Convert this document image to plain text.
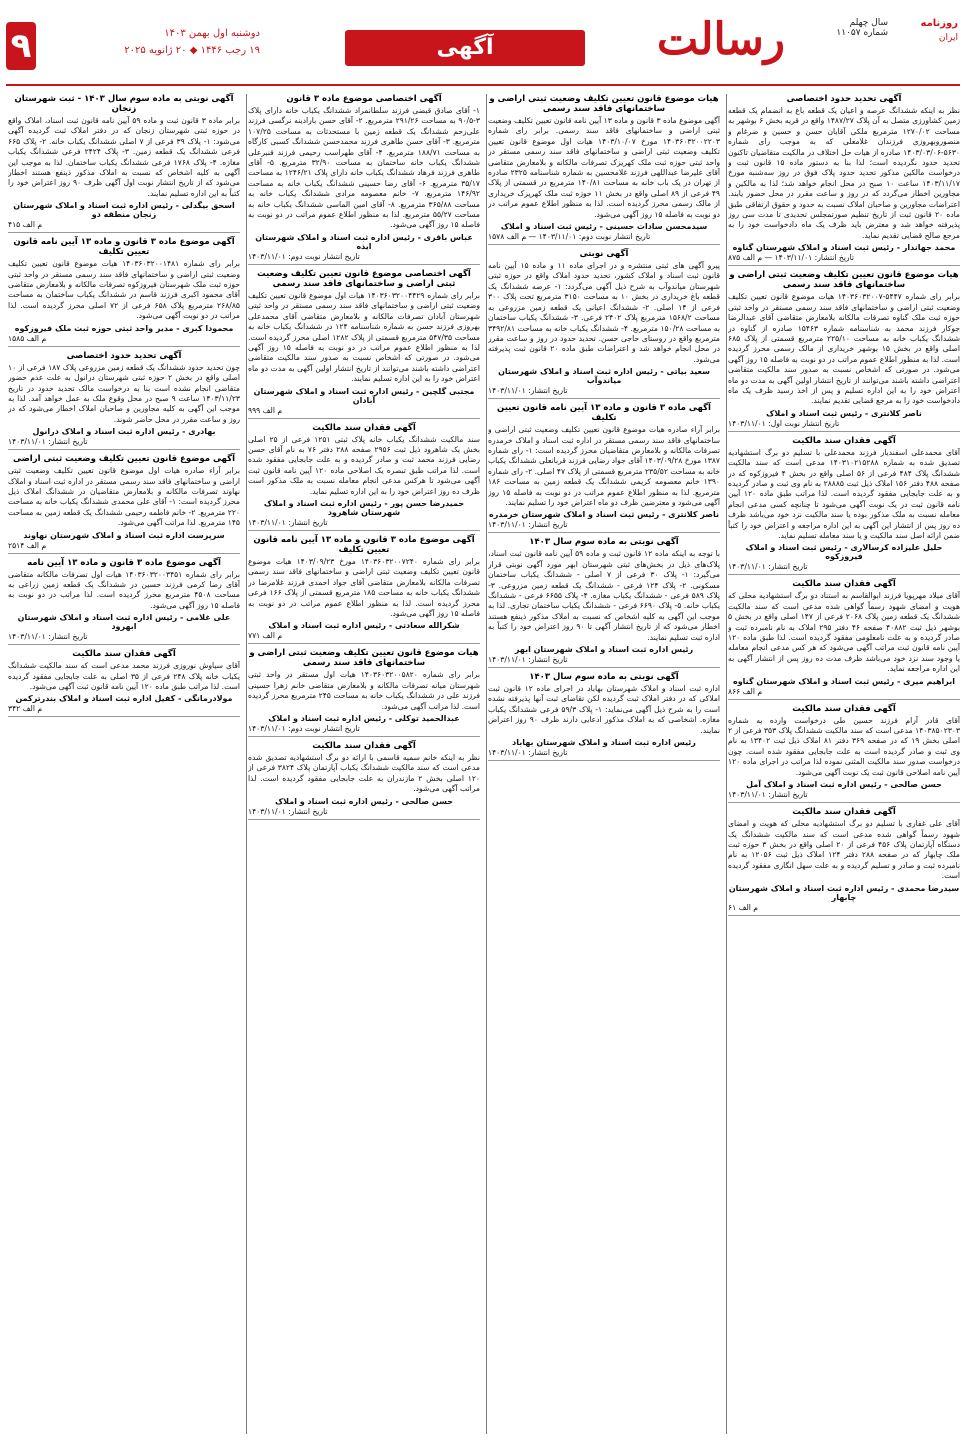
روزنامه
ایران
سال چهلم
شماره ۱۱۰۵۷
رسالت
آگهی
دوشنبه اول بهمن ۱۴۰۳
۱۹ رجب ۱۴۴۶ ◆ ۲۰ ژانویه ۲۰۲۵
۹
آگهی تحدید حدود اختصاصی
نظر به اینکه ششدانگ عرصه و اعیان یک قطعه باغ به انضمام یک قطعه زمین کشاورزی متصل به آن پلاک ۱۴۸۷/۲۷ واقع در قریه بخش ۶ بوشهر به مساحت ۱۲۷۰/۰۲ مترمربع ملکی آقایان حسن و حسین و ضرغام و منصوروبهروزی فرزندان غلامعلی که به موجب رای شماره ۵۶۳۰-۱۴۰۳/۰۳/۰۶ صادره از هیات حل اختلاف در مالکیت متقاضیان تاکنون تحدید حدود نگردیده است؛ لذا بنا به دستور ماده ۱۵ قانون ثبت و درخواست مالکین مذکور تحدید حدود پلاک فوق در روز سه‌شنبه مورخ ۱۴۰۳/۱۱/۱۷ ساعت ۱۰ صبح در محل انجام خواهد شد؛ لذا به مالکین و مجاورین اخطار می‌گردد که در روز و ساعت مقرر در محل حضور یابند. اعتراضات مجاورین و صاحبان املاک نسبت به حدود و حقوق ارتفاقی طبق ماده ۲۰ قانون ثبت از تاریخ تنظیم صورتمجلس تحدیدی تا مدت سی روز پذیرفته خواهد شد و معترض باید ظرف یک ماه دادخواست خود را به مرجع صالح قضایی تقدیم نماید.
محمد جهاندار - رئیس ثبت اسناد و املاک شهرستان گناوه
تاریخ انتشار: ۱۴۰۳/۱۱/۰۱ — م الف ۸۷۵
هیات موضوع قانون تعیین تکلیف وضعیت ثبتی اراضی و ساختمانهای فاقد سند رسمی
برابر رای شماره ۵۴۴۷-۱۴۰۳۶۰۳۲۰۰۷ هیات موضوع قانون تعیین تکلیف وضعیت ثبتی اراضی و ساختمانهای فاقد سند رسمی مستقر در واحد ثبتی حوزه ثبت ملک گناوه تصرفات مالکانه بلامعارض متقاضی آقای عبدالرضا جوکار فرزند محمد به شناسنامه شماره ۱۵۴۶۳ صادره از گناوه در ششدانگ یکباب خانه به مساحت ۲۲۵/۱۰ مترمربع قسمتی از پلاک ۶۸۵ اصلی واقع در بخش ۱۵ بوشهر خریداری از مالک رسمی محرز گردیده است. لذا به منظور اطلاع عموم مراتب در دو نوبت به فاصله ۱۵ روز آگهی می‌شود. در صورتی که اشخاص نسبت به صدور سند مالکیت متقاضی اعتراضی داشته باشند می‌توانند از تاریخ انتشار اولین آگهی به مدت دو ماه اعتراض خود را به این اداره تسلیم و پس از اخذ رسید ظرف یک ماه دادخواست خود را به مرجع قضایی تقدیم نمایند.
ناصر کلانتری - رئیس ثبت اسناد و املاک
تاریخ انتشار نوبت اول: ۱۴۰۳/۱۱/۰۱
آگهی فقدان سند مالکیت
آقای محمدعلی اسفندیار فرزند محمدعلی با تسلیم دو برگ استشهادیه تصدیق شده به شماره ۱۴۰۳۱۰۲۱۵۲۸۸ مدعی است که سند مالکیت ششدانگ پلاک ۴۸۴ فرعی از ۵۶ اصلی واقع در بخش ۴ فیروزکوه که در صفحه ۴۸۸ دفتر ۱۵۶ املاک ذیل ثبت ۲۸۸۸۵ به نام وی ثبت و صادر گردیده و به علت جابجایی مفقود گردیده است. لذا مراتب طبق ماده ۱۲۰ آیین نامه قانون ثبت در یک نوبت آگهی می‌شود تا چنانچه کسی مدعی انجام معامله نسبت به ملک مذکور بوده یا سند مالکیت نزد خود می‌باشد ظرف ده روز پس از انتشار این آگهی به این اداره مراجعه و اعتراض خود را کتباً ضمن ارائه اصل سند مالکیت و یا سند معامله تسلیم نماید.
حلیل علیزاده کرسالاری - رئیس ثبت اسناد و املاک فیروزکوه
تاریخ انتشار: ۱۴۰۳/۱۱/۰۱
آگهی فقدان سند مالکیت
آقای میلاد مهرپویا فرزند ابوالقاسم به استناد دو برگ استشهادیه محلی که هویت و امضای شهود رسماً گواهی شده مدعی است که سند مالکیت ششدانگ یک قطعه زمین پلاک ۲۰۶۸ فرعی از ۱۴۷ اصلی واقع در بخش ۵ بوشهر ذیل ثبت ۴۰۸۸۲ صفحه ۴۶ دفتر ۲۹۵ املاک به نام نامبرده ثبت و صادر گردیده و به علت نامعلومی مفقود گردیده است. لذا طبق ماده ۱۲۰ آیین نامه قانون ثبت مراتب آگهی می‌شود که هر کس مدعی انجام معامله یا وجود سند نزد خود می‌باشد ظرف مدت ده روز پس از انتشار آگهی به این اداره مراجعه نماید.
ابراهیم میری - رئیس ثبت اسناد و املاک شهرستان گناوه
م الف ۸۶۶
آگهی فقدان سند مالکیت
آقای قادر آرام فرزند حسین طی درخواست وارده به شماره ۱۴۰۳۸۵۰۲۳۰۳ مدعی است که سند مالکیت ششدانگ پلاک ۳۵۳ فرعی از ۲ اصلی بخش ۱۹ که در صفحه ۳۶۹ دفتر ۸۱ املاک ذیل ثبت ۱۳۴۰۲ به نام وی ثبت و صادر گردیده است به علت جابجایی مفقود شده است. چون درخواست صدور سند مالکیت المثنی نموده لذا مراتب در اجرای ماده ۱۲۰ آیین نامه اصلاحی قانون ثبت یک نوبت آگهی می‌شود.
حسن صالحی - رئیس اداره ثبت اسناد و املاک آمل
تاریخ انتشار: ۱۴۰۳/۱۱/۰۱
آگهی فقدان سند مالکیت
آقای علی غفاری با تسلیم دو برگ استشهادیه محلی که هویت و امضای شهود رسماً گواهی شده مدعی است که سند مالکیت ششدانگ یک دستگاه آپارتمان پلاک ۴۵۶ فرعی از ۲۰ اصلی واقع در بخش ۳ حوزه ثبت ملک چابهار که در صفحه ۲۸۸ دفتر ۱۲۴ املاک ذیل ثبت ۱۲۰۵۶ به نام نامبرده ثبت و صادر و تسلیم گردیده و به علت سهل انگاری مفقود گردیده است.
سیدرضا محمدی - رئیس اداره ثبت اسناد و املاک شهرستان چابهار
م الف ۶۱
هیات موضوع قانون تعیین تکلیف وضعیت ثبتی اراضی و ساختمانهای فاقد سند رسمی
آگهی موضوع ماده ۳ قانون و ماده ۱۳ آیین نامه قانون تعیین تکلیف وضعیت ثبتی اراضی و ساختمانهای فاقد سند رسمی. برابر رای شماره ۱۴۰۳۶۰۳۲۰۰۲۲۰۳ مورخ ۱۴۰۳/۱۰/۰۷ هیات اول موضوع قانون تعیین تکلیف وضعیت ثبتی اراضی و ساختمانهای فاقد سند رسمی مستقر در واحد ثبتی حوزه ثبت ملک کهریزک تصرفات مالکانه و بلامعارض متقاضی آقای علیرضا عبداللهی فرزند غلامحسین به شماره شناسنامه ۲۳۲۵ صادره از تهران در یک باب خانه به مساحت ۱۴۰/۸۱ مترمربع در قسمتی از پلاک ۴۹ فرعی از ۸۹ اصلی واقع در بخش ۱۱ حوزه ثبت ملک کهریزک خریداری از مالک رسمی محرز گردیده است. لذا به منظور اطلاع عموم مراتب در دو نوبت به فاصله ۱۵ روز آگهی می‌شود.
سیدمحسن سادات حسینی - رئیس ثبت اسناد و املاک
تاریخ انتشار نوبت دوم: ۱۴۰۳/۱۱/۰۱ — م الف ۱۵۷۸
آگهی نوبتی
پیرو آگهی های ثبتی منتشره و در اجرای ماده ۱۱ و ماده ۱۵ آیین نامه قانون ثبت اسناد و املاک کشور، تحدید حدود املاک واقع در حوزه ثبتی شهرستان میاندوآب به شرح ذیل آگهی می‌گردد: ۱- عرصه ششدانگ یک قطعه باغ خریداری در بخش ۱۰ به مساحت ۳۱۵۰ مترمربع تحت پلاک ۳۰۰ فرعی از ۱۴ اصلی. ۲- ششدانگ اعیانی یک قطعه زمین مزروعی به مساحت ۱۵۶۸/۲ مترمربع پلاک ۲۴۰۲ فرعی. ۳- ششدانگ یکباب ساختمان به مساحت ۱۵۰/۲۸ مترمربع. ۴- ششدانگ یکباب خانه به مساحت ۳۴۹۲/۸۱ مترمربع واقع در روستای حاجی حسن. تحدید حدود در روز و ساعت مقرر در محل انجام خواهد شد و اعتراضات طبق ماده ۲۰ قانون ثبت پذیرفته می‌شود.
سعید بیاتی - رئیس اداره ثبت اسناد و املاک شهرستان میاندوآب
تاریخ انتشار: ۱۴۰۳/۱۱/۰۱
آگهی ماده ۳ قانون و ماده ۱۳ آیین نامه قانون تعیین تکلیف
برابر آراء صادره هیات موضوع قانون تعیین تکلیف وضعیت ثبتی اراضی و ساختمانهای فاقد سند رسمی مستقر در اداره ثبت اسناد و املاک خرمدره تصرفات مالکانه و بلامعارض متقاضیان محرز گردیده است: ۱- رای شماره ۱۳۸۷ مورخ ۱۴۰۳/۰۹/۲۸ آقای جواد رضایی فرزند قربانعلی ششدانگ یکباب خانه به مساحت ۲۳۵/۵۲ مترمربع قسمتی از پلاک ۴۷ اصلی. ۲- رای شماره ۱۳۹۰ خانم معصومه کریمی ششدانگ یک قطعه زمین به مساحت ۱۸۶ مترمربع. لذا به منظور اطلاع عموم مراتب در دو نوبت به فاصله ۱۵ روز آگهی می‌شود و معترضین ظرف دو ماه اعتراض خود را تسلیم نمایند.
ناصر کلانتری - رئیس ثبت اسناد و املاک شهرستان خرمدره
تاریخ انتشار: ۱۴۰۳/۱۱/۰۱
آگهی نوبتی به ماده سوم سال ۱۴۰۳
با توجه به اینکه ماده ۱۲ قانون ثبت و ماده ۵۹ آیین نامه قانون ثبت اسناد، پلاک‌های ذیل در بخش‌های ثبتی شهرستان ابهر مورد آگهی نوبتی قرار می‌گیرد: ۱- پلاک ۳۰ فرعی از ۷ اصلی - ششدانگ یکباب ساختمان مسکونی. ۲- پلاک ۱۲۴ فرعی - ششدانگ یک قطعه زمین مزروعی. ۳- پلاک ۵۸۹ فرعی - ششدانگ یکباب مغازه. ۴- پلاک ۶۶۵۵ فرعی - ششدانگ یکباب خانه. ۵- پلاک ۶۶۹۰ فرعی - ششدانگ یکباب ساختمان تجاری. لذا به موجب این آگهی به کلیه اشخاص که نسبت به املاک مذکور ذینفع هستند اخطار می‌شود که از تاریخ انتشار آگهی تا ۹۰ روز اعتراض خود را کتباً به اداره ثبت تسلیم نمایند.
رئیس اداره ثبت اسناد و املاک شهرستان ابهر
تاریخ انتشار: ۱۴۰۳/۱۱/۰۱
آگهی نوبتی به ماده سوم سال ۱۴۰۳
اداره ثبت اسناد و املاک شهرستان بهاباد در اجرای ماده ۱۲ قانون ثبت املاکی که در دفتر املاک ثبت گردیده لکن تقاضای ثبت آنها پذیرفته نشده است را به شرح ذیل آگهی می‌نماید: ۱- پلاک ۵۹/۳ فرعی ششدانگ یکباب مغازه. اشخاصی که به املاک مذکور ادعایی دارند ظرف ۹۰ روز اعتراض نمایند.
رئیس اداره ثبت اسناد و املاک شهرستان بهاباد
تاریخ انتشار: ۱۴۰۳/۱۱/۰۱
آگهی اختصاصی موضوع ماده ۳ قانون
۱- آقای صادق قبضی فرزند سلطانمراد ششدانگ یکباب خانه دارای پلاک ۳-۹۰/۵ به مساحت ۲۹۱/۲۶ مترمربع. ۲- آقای حسن بارادینه نرگسی فرزند علی‌رحم ششدانگ یک قطعه زمین با مستحدثات به مساحت ۱۰۷/۲۵ مترمربع. ۳- آقای حسن طاهری فرزند محمدحسن ششدانگ کسبی کارگاه به مساحت ۱۸۸/۷۱ مترمربع. ۴- آقای طهراسب رحیمی فرزند قنبرعلی ششدانگ یکباب خانه ساختمان به مساحت ۳۲/۹۰ مترمربع. ۵- آقای طاهری فرزند فرهاد ششدانگ یکباب خانه دارای پلاک ۱۲۴۶/۲۱ به مساحت ۳۵/۱۷ مترمربع. ۶- آقای رضا حسینی ششدانگ یکباب خانه به مساحت ۱۴۶/۹۲ مترمربع. ۷- خانم معصومه مرادی ششدانگ یکباب خانه به مساحت ۳۶۵/۸۸ مترمربع. ۸- آقای امین الماسی ششدانگ یکباب خانه به مساحت ۵۵/۲۷ مترمربع. لذا به منظور اطلاع عموم مراتب در دو نوبت به فاصله ۱۵ روز آگهی می‌شود.
عباس باقری - رئیس اداره ثبت اسناد و املاک شهرستان ایذه
تاریخ انتشار نوبت دوم: ۱۴۰۳/۱۱/۰۱
آگهی اختصاصی موضوع قانون تعیین تکلیف وضعیت ثبتی اراضی و ساختمانهای فاقد سند رسمی
برابر رای شماره ۱۴۰۳۶۰۳۲۰۰۴۴۲۹ هیات اول موضوع قانون تعیین تکلیف وضعیت ثبتی اراضی و ساختمانهای فاقد سند رسمی مستقر در واحد ثبتی شهرستان آبادان تصرفات مالکانه و بلامعارض متقاضی آقای محمدعلی بهروزی فرزند حسن به شماره شناسنامه ۱۲۴ در ششدانگ یکباب خانه به مساحت ۵۴۷/۳۵ مترمربع قسمتی از پلاک ۱۲۸۲ اصلی محرز گردیده است. لذا به منظور اطلاع عموم مراتب در دو نوبت به فاصله ۱۵ روز آگهی می‌شود. در صورتی که اشخاص نسبت به صدور سند مالکیت متقاضی اعتراضی داشته باشند می‌توانند از تاریخ انتشار اولین آگهی به مدت دو ماه اعتراض خود را به این اداره تسلیم نمایند.
مجتبی گلچین - رئیس اداره ثبت اسناد و املاک شهرستان آبادان
م الف ۹۹۹
آگهی فقدان سند مالکیت
سند مالکیت ششدانگ یکباب خانه پلاک ثبتی ۱۲۵۱ فرعی از ۲۵ اصلی بخش یک شاهرود ذیل ثبت ۲۹۵۶ صفحه ۲۸۸ دفتر ۷۶ به نام آقای حسن رضایی فرزند محمد ثبت و صادر گردیده و به علت جابجایی مفقود شده است. لذا مراتب طبق تبصره یک اصلاحی ماده ۱۲۰ آیین نامه قانون ثبت آگهی می‌شود تا هرکس مدعی انجام معامله نسبت به ملک مذکور است ظرف ده روز اعتراض خود را به این اداره تسلیم نماید.
حمیدرضا حسن پور - رئیس اداره ثبت اسناد و املاک شهرستان شاهرود
تاریخ انتشار: ۱۴۰۳/۱۱/۰۱
آگهی موضوع ماده ۳ قانون و ماده ۱۳ آیین نامه قانون تعیین تکلیف
برابر رای شماره ۱۴۰۳۶۰۳۲۰۰۷۲۴۰ مورخ ۱۴۰۳/۰۹/۲۳ هیات موضوع قانون تعیین تکلیف وضعیت ثبتی اراضی و ساختمانهای فاقد سند رسمی تصرفات مالکانه بلامعارض متقاضی آقای جواد احمدی فرزند غلامرضا در ششدانگ یکباب خانه به مساحت ۱۸۵ مترمربع قسمتی از پلاک ۱۶۶ فرعی محرز گردیده است. لذا به منظور اطلاع عموم مراتب در دو نوبت به فاصله ۱۵ روز آگهی می‌شود.
شکرالله سعادتی - رئیس اداره ثبت اسناد و املاک
م الف ۷۷۱
هیات موضوع قانون تعیین تکلیف وضعیت ثبتی اراضی و ساختمانهای فاقد سند رسمی
برابر رای شماره ۱۴۰۳۶۰۳۲۰۰۵۸۲۰ هیات اول مستقر در واحد ثبتی شهرستان میانه تصرفات مالکانه و بلامعارض متقاضی خانم زهرا حسینی فرزند علی در ششدانگ یکباب خانه به مساحت ۲۴۵ مترمربع محرز گردیده است. لذا مراتب آگهی می‌شود.
عبدالحمید توکلی - رئیس اداره ثبت اسناد و املاک
تاریخ انتشار نوبت دوم: ۱۴۰۳/۱۱/۰۱
آگهی فقدان سند مالکیت
نظر به اینکه خانم سمیه قاسمی با ارائه دو برگ استشهادیه تصدیق شده مدعی است که سند مالکیت ششدانگ یکباب آپارتمان پلاک ۳۸۲۴ فرعی از ۱۲۰ اصلی بخش ۲ مازندران به علت جابجایی مفقود گردیده است. لذا مراتب آگهی می‌شود.
حسن صالحی - رئیس اداره ثبت اسناد و املاک
تاریخ انتشار: ۱۴۰۳/۱۱/۰۱
آگهی نوبتی به ماده سوم سال ۱۴۰۳ - ثبت شهرستان زنجان
برابر ماده ۳ قانون ثبت و ماده ۵۹ آیین نامه قانون ثبت اسناد، املاک واقع در حوزه ثبتی شهرستان زنجان که در دفتر املاک ثبت گردیده آگهی می‌شود: ۱- پلاک ۳۹ فرعی از ۷ اصلی ششدانگ یکباب خانه. ۲- پلاک ۶۶۵ فرعی ششدانگ یک قطعه زمین. ۳- پلاک ۲۴۲۴ فرعی ششدانگ یکباب مغازه. ۴- پلاک ۱۷۶۸ فرعی ششدانگ یکباب ساختمان. لذا به موجب این آگهی به کلیه اشخاص که نسبت به املاک مذکور ذینفع هستند اخطار می‌شود که از تاریخ انتشار نوبت اول آگهی ظرف ۹۰ روز اعتراض خود را کتباً به این اداره تسلیم نمایند.
اسحق بیگدلی - رئیس اداره ثبت اسناد و املاک شهرستان زنجان منطقه دو
م الف ۴۱۵
آگهی موضوع ماده ۳ قانون و ماده ۱۳ آیین نامه قانون تعیین تکلیف
برابر رای شماره ۱۴۰۳۶۰۳۲۰۰۱۴۸۱ هیات موضوع قانون تعیین تکلیف وضعیت ثبتی اراضی و ساختمانهای فاقد سند رسمی مستقر در واحد ثبتی حوزه ثبت ملک شهرستان فیروزکوه تصرفات مالکانه و بلامعارض متقاضی آقای محمود اکبری فرزند قاسم در ششدانگ یکباب ساختمان به مساحت ۲۶۸/۸۵ مترمربع پلاک ۶۵۸ فرعی از ۷۲ اصلی محرز گردیده است. لذا مراتب در دو نوبت آگهی می‌شود.
محمودا کبری - مدیر واحد ثبتی حوزه ثبت ملک فیروزکوه
م الف ۱۵۸۵
آگهی تحدید حدود اختصاصی
چون تحدید حدود ششدانگ یک قطعه زمین مزروعی پلاک ۱۸۷ فرعی از ۱۰ اصلی واقع در بخش ۲ حوزه ثبتی شهرستان درانول به علت عدم حضور متقاضی انجام نشده است بنا به درخواست مالک تحدید حدود در تاریخ ۱۴۰۳/۱۱/۲۳ ساعت ۹ صبح در محل وقوع ملک به عمل خواهد آمد. لذا به موجب این آگهی به کلیه مجاورین و صاحبان املاک اخطار می‌شود که در روز و ساعت مقرر در محل حاضر شوند.
بهادری - رئیس اداره ثبت اسناد و املاک درانول
تاریخ انتشار: ۱۴۰۳/۱۱/۰۱
آگهی موضوع قانون تعیین تکلیف وضعیت ثبتی اراضی
برابر آراء صادره هیات اول موضوع قانون تعیین تکلیف وضعیت ثبتی اراضی و ساختمانهای فاقد سند رسمی مستقر در اداره ثبت اسناد و املاک نهاوند تصرفات مالکانه و بلامعارض متقاضیان در ششدانگ املاک ذیل محرز گردیده است: ۱- آقای علی محمدی ششدانگ یکباب خانه به مساحت ۲۲۰ مترمربع. ۲- خانم فاطمه رحیمی ششدانگ یک قطعه زمین به مساحت ۱۴۵ مترمربع. لذا مراتب آگهی می‌شود.
سرپرست اداره ثبت اسناد و املاک شهرستان نهاوند
م الف ۲۵۱۴
آگهی موضوع ماده ۳ قانون و ماده ۱۳ آیین نامه
برابر رای شماره ۱۴۰۳۶۰۳۲۰۰۳۴۵۱ هیات اول تصرفات مالکانه متقاضی آقای رضا کرمی فرزند حسین در ششدانگ یک قطعه زمین زراعی به مساحت ۴۵۰۸ مترمربع محرز گردیده است. لذا مراتب در دو نوبت به فاصله ۱۵ روز آگهی می‌شود.
علی غلامی - رئیس اداره ثبت اسناد و املاک شهرستان ابهرود
تاریخ انتشار: ۱۴۰۳/۱۱/۰۱
آگهی فقدان سند مالکیت
آقای سیاوش نوروزی فرزند محمد مدعی است که سند مالکیت ششدانگ یکباب خانه پلاک ۲۴۸ فرعی از ۳۵ اصلی به علت جابجایی مفقود گردیده است. لذا مراتب طبق ماده ۱۲۰ آیین نامه قانون ثبت آگهی می‌شود.
مولادرمانگی - کفیل اداره ثبت اسناد و املاک بندرترکمن
م الف ۳۴۲
